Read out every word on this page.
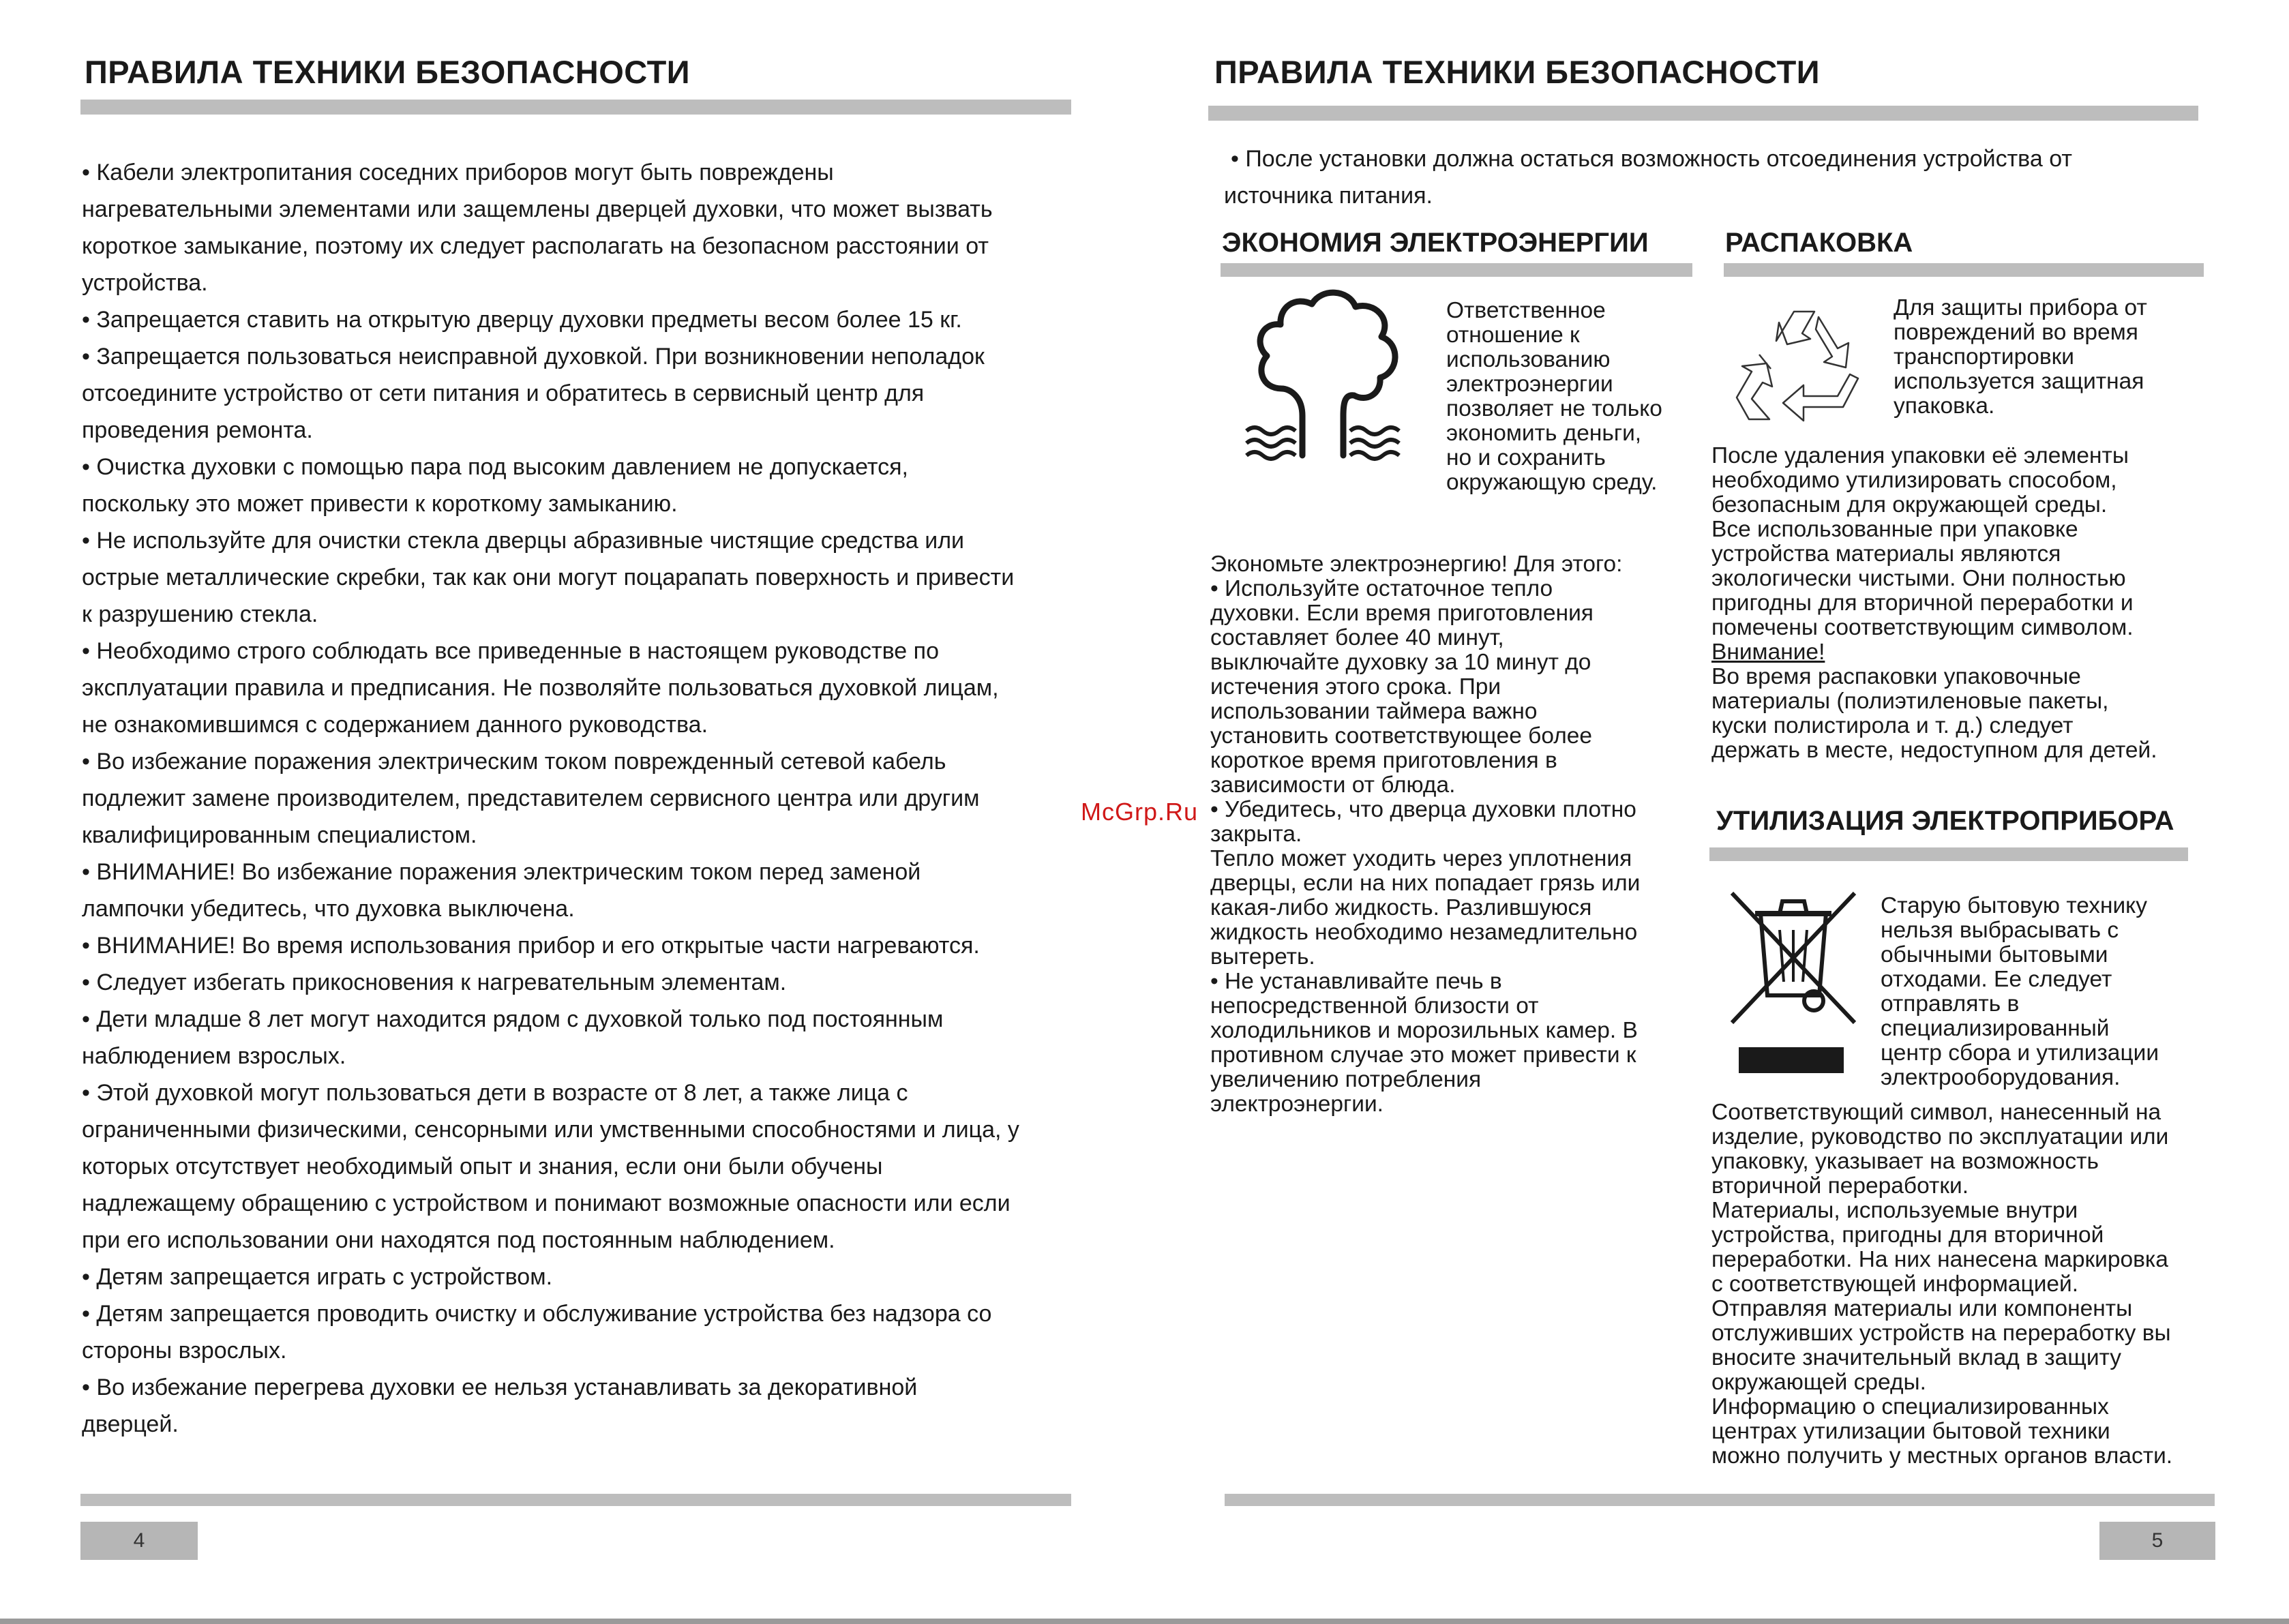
ПРАВИЛА ТЕХНИКИ БЕЗОПАСНОСТИ

• Кабели электропитания соседних приборов могут быть повреждены

нагревательными элементами или защемлены дверцей духовки, что может вызвать

короткое замыкание, поэтому их следует располагать на безопасном расстоянии от

устройства.

• Запрещается ставить на открытую дверцу духовки предметы весом более 15 кг.

• Запрещается пользоваться неисправной духовкой. При возникновении неполадок

отсоедините устройство от сети питания и обратитесь в сервисный центр для

проведения ремонта.

• Очистка духовки с помощью пара под высоким давлением не допускается,

поскольку это может привести к короткому замыканию.

• Не используйте для очистки стекла дверцы абразивные чистящие средства или

острые металлические скребки, так как они могут поцарапать поверхность и привести

к разрушению стекла.

• Необходимо строго соблюдать все приведенные в настоящем руководстве по

эксплуатации правила и предписания. Не позволяйте пользоваться духовкой лицам,

не ознакомившимся с содержанием данного руководства.

• Во избежание поражения электрическим током поврежденный сетевой кабель

подлежит замене производителем, представителем сервисного центра или другим

квалифицированным специалистом.

• ВНИМАНИЕ! Во избежание поражения электрическим током перед заменой

лампочки убедитесь, что духовка выключена.

• ВНИМАНИЕ! Во время использования прибор и его открытые части нагреваются.

• Следует избегать прикосновения к нагревательным элементам.

• Дети младше 8 лет могут находится рядом с духовкой только под постоянным

наблюдением взрослых.

• Этой духовкой могут пользоваться дети в возрасте от 8 лет, а также лица с

ограниченными физическими, сенсорными или умственными способностями и лица, у

которых отсутствует необходимый опыт и знания, если они были обучены

надлежащему обращению с устройством и понимают возможные опасности или если

при его использовании они находятся под постоянным наблюдением.

• Детям запрещается играть с устройством.

• Детям запрещается проводить очистку и обслуживание устройства без надзора со

стороны взрослых.

• Во избежание перегрева духовки ее нельзя устанавливать за декоративной

дверцей.

4
McGrp.Ru
ПРАВИЛА ТЕХНИКИ БЕЗОПАСНОСТИ

• После установки должна остаться возможность отсоединения устройства от

источника питания.

ЭКОНОМИЯ ЭЛЕКТРОЭНЕРГИИ

Ответственное

отношение к

использованию

электроэнергии

позволяет не только

экономить деньги,

но и сохранить

окружающую среду.

Экономьте электроэнергию! Для этого:

• Используйте остаточное тепло

духовки. Если время приготовления

составляет более 40 минут,

выключайте духовку за 10 минут до

истечения этого срока. При

использовании таймера важно

установить соответствующее более

короткое время приготовления в

зависимости от блюда.

• Убедитесь, что дверца духовки плотно

закрыта.

Тепло может уходить через уплотнения

дверцы, если на них попадает грязь или

какая-либо жидкость. Разлившуюся

жидкость необходимо незамедлительно

вытереть.

• Не устанавливайте печь в

непосредственной близости от

холодильников и морозильных камер. В

противном случае это может привести к

увеличению потребления

электроэнергии.

РАСПАКОВКА

Для защиты прибора от

повреждений во время

транспортировки

используется защитная

упаковка.

После удаления упаковки её элементы

необходимо утилизировать способом,

безопасным для окружающей среды.

Все использованные при упаковке

устройства материалы являются

экологически чистыми. Они полностью

пригодны для вторичной переработки и

помечены соответствующим символом.

Внимание!

Во время распаковки упаковочные

материалы (полиэтиленовые пакеты,

куски полистирола и т. д.) следует

держать в месте, недоступном для детей.

УТИЛИЗАЦИЯ ЭЛЕКТРОПРИБОРА

Старую бытовую технику

нельзя выбрасывать с

обычными бытовыми

отходами. Ее следует

отправлять в

специализированный

центр сбора и утилизации

электрооборудования.

Соответствующий символ, нанесенный на

изделие, руководство по эксплуатации или

упаковку, указывает на возможность

вторичной переработки.

Материалы, используемые внутри

устройства, пригодны для вторичной

переработки. На них нанесена маркировка

с соответствующей информацией.

Отправляя материалы или компоненты

отслуживших устройств на переработку вы

вносите значительный вклад в защиту

окружающей среды.

Информацию о специализированных

центрах утилизации бытовой техники

можно получить у местных органов власти.

5
